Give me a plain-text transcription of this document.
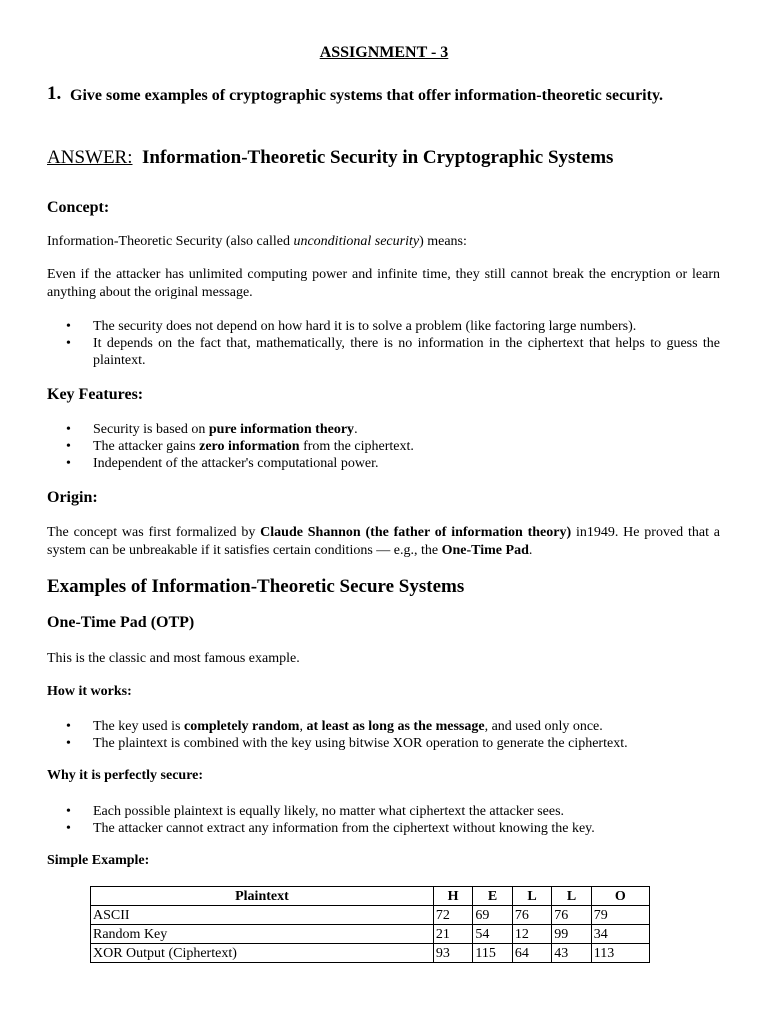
ASSIGNMENT - 3
1. Give some examples of cryptographic systems that offer information-theoretic security.
ANSWER: Information-Theoretic Security in Cryptographic Systems
Concept:
Information-Theoretic Security (also called unconditional security) means:
Even if the attacker has unlimited computing power and infinite time, they still cannot break the encryption or learn anything about the original message.
• The security does not depend on how hard it is to solve a problem (like factoring large numbers).
• It depends on the fact that, mathematically, there is no information in the ciphertext that helps to guess the plaintext.
Key Features:
• Security is based on pure information theory.
• The attacker gains zero information from the ciphertext.
• Independent of the attacker's computational power.
Origin:
The concept was first formalized by Claude Shannon (the father of information theory) in1949. He proved that a system can be unbreakable if it satisfies certain conditions — e.g., the One-Time Pad.
Examples of Information-Theoretic Secure Systems
One-Time Pad (OTP)
This is the classic and most famous example.
How it works:
• The key used is completely random, at least as long as the message, and used only once.
• The plaintext is combined with the key using bitwise XOR operation to generate the ciphertext.
Why it is perfectly secure:
• Each possible plaintext is equally likely, no matter what ciphertext the attacker sees.
• The attacker cannot extract any information from the ciphertext without knowing the key.
Simple Example:
Plaintext	H	E	L	L	O
ASCII	72	69	76	76	79
Random Key	21	54	12	99	34
XOR Output (Ciphertext)	93	115	64	43	113
